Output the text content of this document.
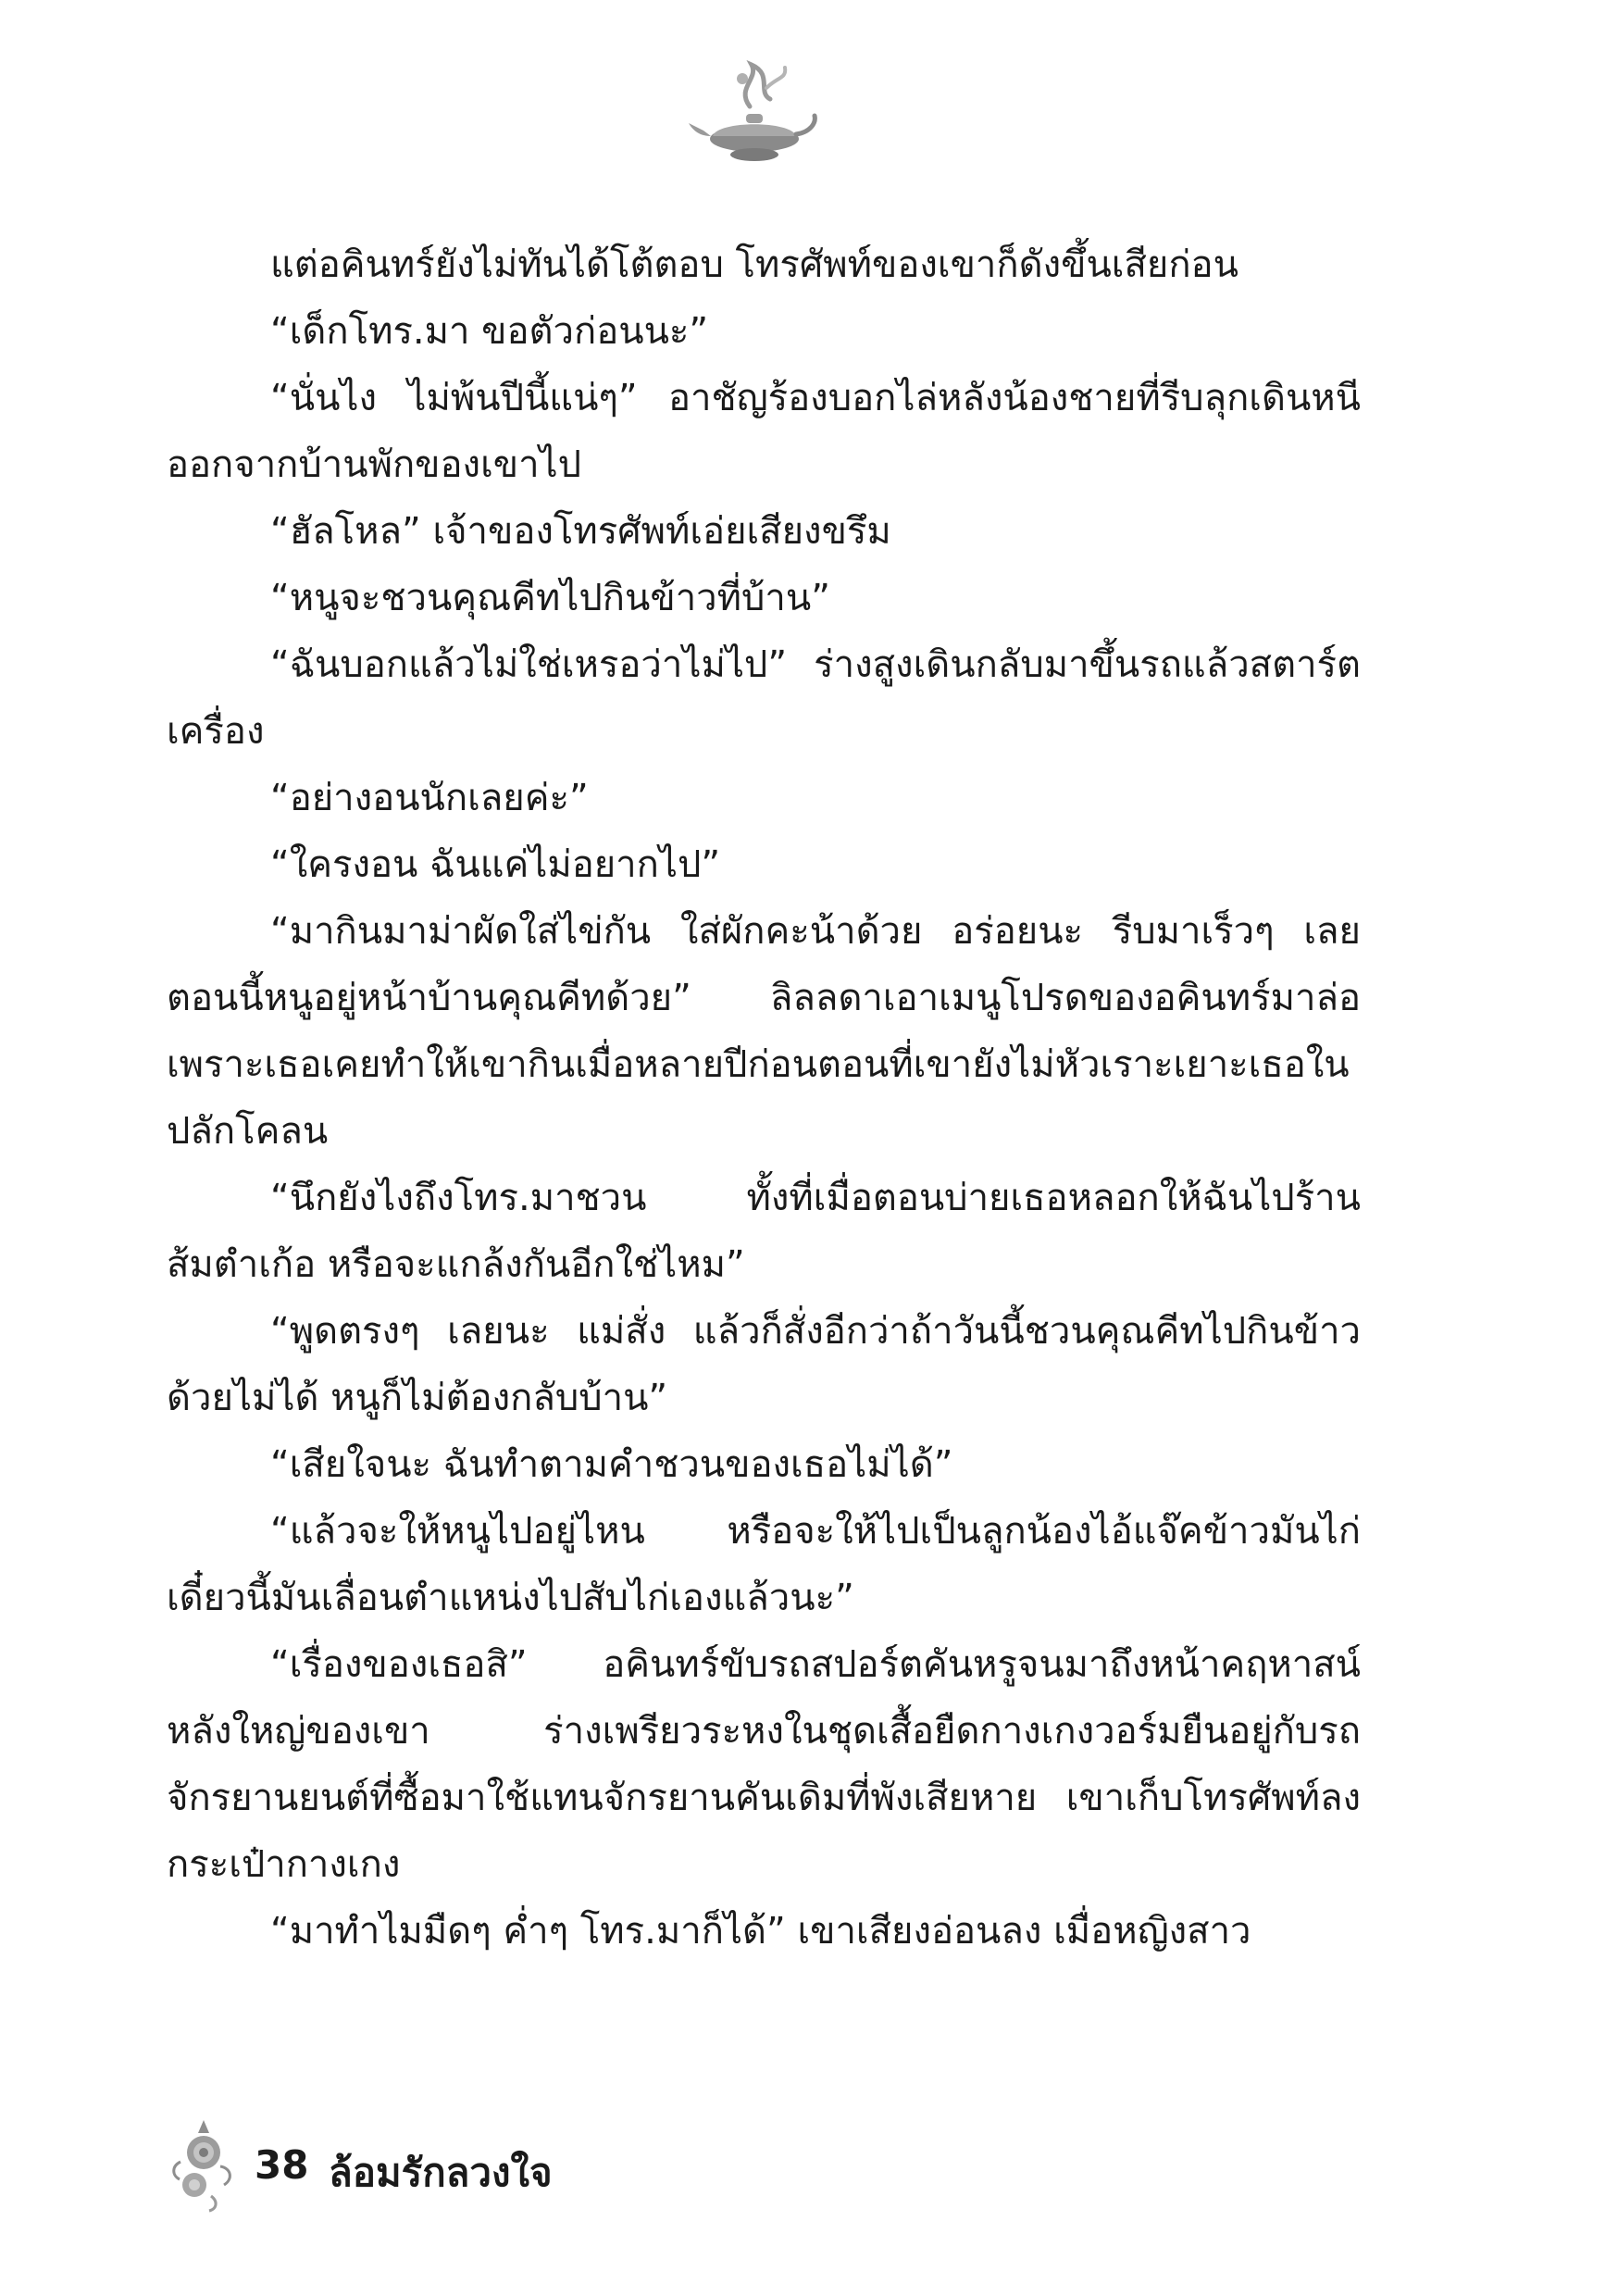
แต่อคินทร์ยังไม่ทันได้โต้ตอบ โทรศัพท์ของเขาก็ดังขึ้นเสียก่อน

“เด็กโทร.มา ขอตัวก่อนนะ”

“นั่นไง ไม่พ้นปีนี้แน่ๆ” อาชัญร้องบอกไล่หลังน้องชายที่รีบลุกเดินหนีออกจากบ้านพักของเขาไป

“ฮัลโหล” เจ้าของโทรศัพท์เอ่ยเสียงขรึม

“หนูจะชวนคุณคีทไปกินข้าวที่บ้าน”

“ฉันบอกแล้วไม่ใช่เหรอว่าไม่ไป” ร่างสูงเดินกลับมาขึ้นรถแล้วสตาร์ตเครื่อง

“อย่างอนนักเลยค่ะ”

“ใครงอน ฉันแค่ไม่อยากไป”

“มากินมาม่าผัดใส่ไข่กัน ใส่ผักคะน้าด้วย อร่อยนะ รีบมาเร็วๆ เลย ตอนนี้หนูอยู่หน้าบ้านคุณคีทด้วย” ลิลลดาเอาเมนูโปรดของอคินทร์มาล่อ เพราะเธอเคยทำให้เขากินเมื่อหลายปีก่อนตอนที่เขายังไม่หัวเราะเยาะเธอในปลักโคลน

“นึกยังไงถึงโทร.มาชวน ทั้งที่เมื่อตอนบ่ายเธอหลอกให้ฉันไปร้านส้มตำเก้อ หรือจะแกล้งกันอีกใช่ไหม”

“พูดตรงๆ เลยนะ แม่สั่ง แล้วก็สั่งอีกว่าถ้าวันนี้ชวนคุณคีทไปกินข้าวด้วยไม่ได้ หนูก็ไม่ต้องกลับบ้าน”

“เสียใจนะ ฉันทำตามคำชวนของเธอไม่ได้”

“แล้วจะให้หนูไปอยู่ไหน หรือจะให้ไปเป็นลูกน้องไอ้แจ๊คข้าวมันไก่เดี๋ยวนี้มันเลื่อนตำแหน่งไปสับไก่เองแล้วนะ”

“เรื่องของเธอสิ” อคินทร์ขับรถสปอร์ตคันหรูจนมาถึงหน้าคฤหาสน์หลังใหญ่ของเขา ร่างเพรียวระหงในชุดเสื้อยืดกางเกงวอร์มยืนอยู่กับรถจักรยานยนต์ที่ซื้อมาใช้แทนจักรยานคันเดิมที่พังเสียหาย เขาเก็บโทรศัพท์ลงกระเป๋ากางเกง

“มาทำไมมืดๆ ค่ำๆ โทร.มาก็ได้” เขาเสียงอ่อนลง เมื่อหญิงสาว

38 ล้อมรักลวงใจ
